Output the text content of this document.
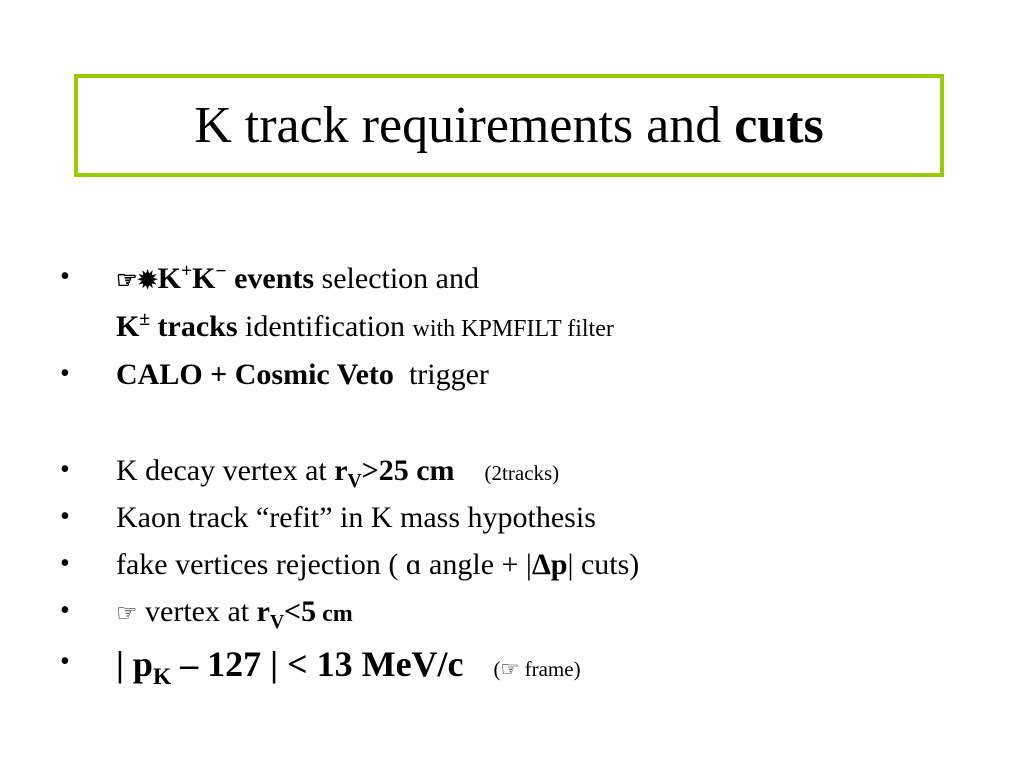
K track requirements and cuts
• ☞✹K+K− events selection and
K± tracks identification with KPMFILT filter
• CALO + Cosmic Veto  trigger
• K decay vertex at $r_V>25$ cm (2tracks)
• Kaon track “refit” in K mass hypothesis
• fake vertices rejection ( ɑ angle + |Δp| cuts)
• ☞ vertex at $r_V<5$ cm
• | $p_K - 127$ | < 13 MeV/c (☞ frame)
